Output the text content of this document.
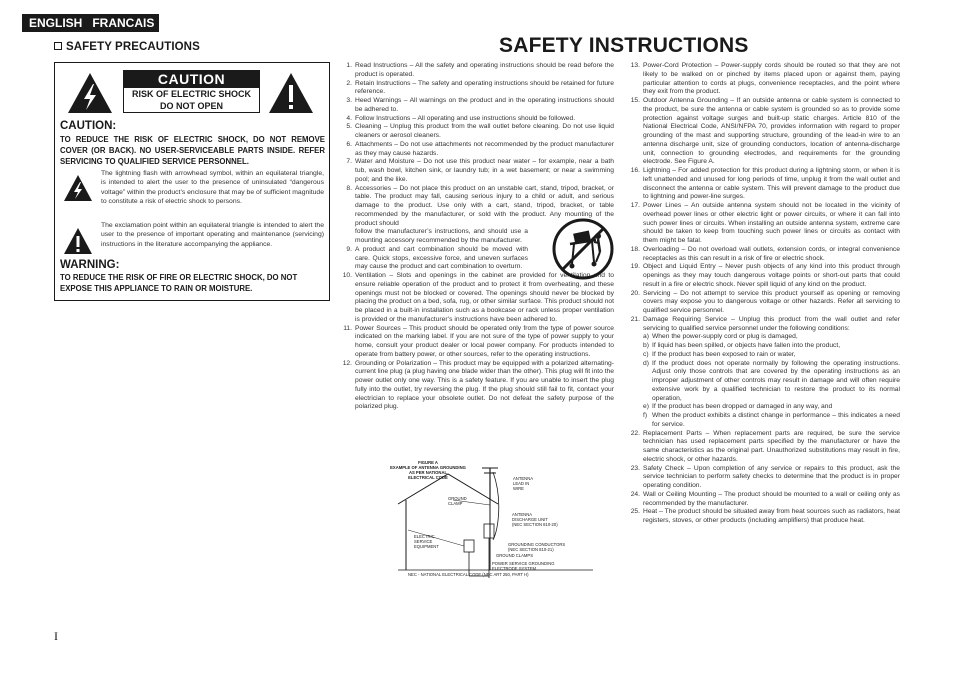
ENGLISH   FRANCAIS
SAFETY PRECAUTIONS	SAFETY INSTRUCTIONS
CAUTION
RISK OF ELECTRIC SHOCK
DO NOT OPEN
CAUTION:
TO REDUCE THE RISK OF ELECTRIC SHOCK, DO NOT REMOVE COVER (OR BACK). NO USER-SERVICEABLE PARTS INSIDE. REFER SERVICING TO QUALIFIED SERVICE PERSONNEL.
The lightning flash with arrowhead symbol, within an equilateral triangle, is intended to alert the user to the presence of uninsulated “dangerous voltage” within the product’s enclosure that may be of sufficient magnitude to constitute a risk of electric shock to persons.
The exclamation point within an equilateral triangle is intended to alert the user to the presence of important operating and maintenance (servicing) instructions in the literature accompanying the appliance.
WARNING:
TO REDUCE THE RISK OF FIRE OR ELECTRIC SHOCK, DO NOT EXPOSE THIS APPLIANCE TO RAIN OR MOISTURE.
1. Read Instructions – All the safety and operating instructions should be read before the product is operated.
2. Retain Instructions – The safety and operating instructions should be retained for future reference.
3. Heed Warnings – All warnings on the product and in the operating instructions should be adhered to.
4. Follow Instructions – All operating and use instructions should be followed.
5. Cleaning – Unplug this product from the wall outlet before cleaning. Do not use liquid cleaners or aerosol cleaners.
6. Attachments – Do not use attachments not recommended by the product manufacturer as they may cause hazards.
7. Water and Moisture – Do not use this product near water – for example, near a bath tub, wash bowl, kitchen sink, or laundry tub; in a wet basement; or near a swimming pool; and the like.
8. Accessories – Do not place this product on an unstable cart, stand, tripod, bracket, or table. The product may fall, causing serious injury to a child or adult, and serious damage to the product. Use only with a cart, stand, tripod, bracket, or table recommended by the manufacturer, or sold with the product. Any mounting of the product should
follow the manufacturer’s instructions, and should use a mounting accessory recommended by the manufacturer.
9. A product and cart combination should be moved with care. Quick stops, excessive force, and uneven surfaces may cause the product and cart combination to overturn.
10. Ventilation – Slots and openings in the cabinet are provided for ventilation and to ensure reliable operation of the product and to protect it from overheating, and these openings must not be blocked or covered. The openings should never be blocked by placing the product on a bed, sofa, rug, or other similar surface. This product should not be placed in a built-in installation such as a bookcase or rack unless proper ventilation is provided or the manufacturer’s instructions have been adhered to.
11. Power Sources – This product should be operated only from the type of power source indicated on the marking label. If you are not sure of the type of power supply to your home, consult your product dealer or local power company. For products intended to operate from battery power, or other sources, refer to the operating instructions.
12. Grounding or Polarization – This product may be equipped with a polarized alternating-current line plug (a plug having one blade wider than the other). This plug will fit into the power outlet only one way. This is a safety feature. If you are unable to insert the plug fully into the outlet, try reversing the plug. If the plug should still fail to fit, contact your electrician to replace your obsolete outlet. Do not defeat the safety purpose of the polarized plug.
FIGURE A
EXAMPLE OF ANTENNA GROUNDING
AS PER NATIONAL
ELECTRICAL CODE	ANTENNA
LEAD IN
WIRE
GROUND
CLAMP
ANTENNA
DISCHARGE UNIT
(NEC SECTION 810-20)
ELECTRIC
SERVICE
EQUIPMENT	GROUNDING CONDUCTORS
(NEC SECTION 810-21)
GROUND CLAMPS
POWER SERVICE GROUNDING
ELECTRODE SYSTEM
NEC - NATIONAL ELECTRICAL CODE (NEC ART 250, PART H)
13. Power-Cord Protection – Power-supply cords should be routed so that they are not likely to be walked on or pinched by items placed upon or against them, paying particular attention to cords at plugs, convenience receptacles, and the point where they exit from the product.
15. Outdoor Antenna Grounding – If an outside antenna or cable system is connected to the product, be sure the antenna or cable system is grounded so as to provide some protection against voltage surges and built-up static charges. Article 810 of the National Electrical Code, ANSI/NFPA 70, provides information with regard to proper grounding of the mast and supporting structure, grounding of the lead-in wire to an antenna discharge unit, size of grounding conductors, location of antenna-discharge unit, connection to grounding electrodes, and requirements for the grounding electrode. See Figure A.
16. Lightning – For added protection for this product during a lightning storm, or when it is left unattended and unused for long periods of time, unplug it from the wall outlet and disconnect the antenna or cable system. This will prevent damage to the product due to lightning and power-line surges.
17. Power Lines – An outside antenna system should not be located in the vicinity of overhead power lines or other electric light or power circuits, or where it can fall into such power lines or circuits. When installing an outside antenna system, extreme care should be taken to keep from touching such power lines or circuits as contact with them might be fatal.
18. Overloading – Do not overload wall outlets, extension cords, or integral convenience receptacles as this can result in a risk of fire or electric shock.
19. Object and Liquid Entry – Never push objects of any kind into this product through openings as they may touch dangerous voltage points or short-out parts that could result in a fire or electric shock. Never spill liquid of any kind on the product.
20. Servicing – Do not attempt to service this product yourself as opening or removing covers may expose you to dangerous voltage or other hazards. Refer all servicing to qualified service personnel.
21. Damage Requiring Service – Unplug this product from the wall outlet and refer servicing to qualified service personnel under the following conditions:
a) When the power-supply cord or plug is damaged,
b) If liquid has been spilled, or objects have fallen into the product,
c) If the product has been exposed to rain or water,
d) If the product does not operate normally by following the operating instructions. Adjust only those controls that are covered by the operating instructions as an improper adjustment of other controls may result in damage and will often require extensive work by a qualified technician to restore the product to its normal operation,
e) If the product has been dropped or damaged in any way, and
f) When the product exhibits a distinct change in performance – this indicates a need for service.
22. Replacement Parts – When replacement parts are required, be sure the service technician has used replacement parts specified by the manufacturer or have the same characteristics as the original part. Unauthorized substitutions may result in fire, electric shock, or other hazards.
23. Safety Check – Upon completion of any service or repairs to this product, ask the service technician to perform safety checks to determine that the product is in proper operating condition.
24. Wall or Ceiling Mounting – The product should be mounted to a wall or ceiling only as recommended by the manufacturer.
25. Heat – The product should be situated away from heat sources such as radiators, heat registers, stoves, or other products (including amplifiers) that produce heat.
I
